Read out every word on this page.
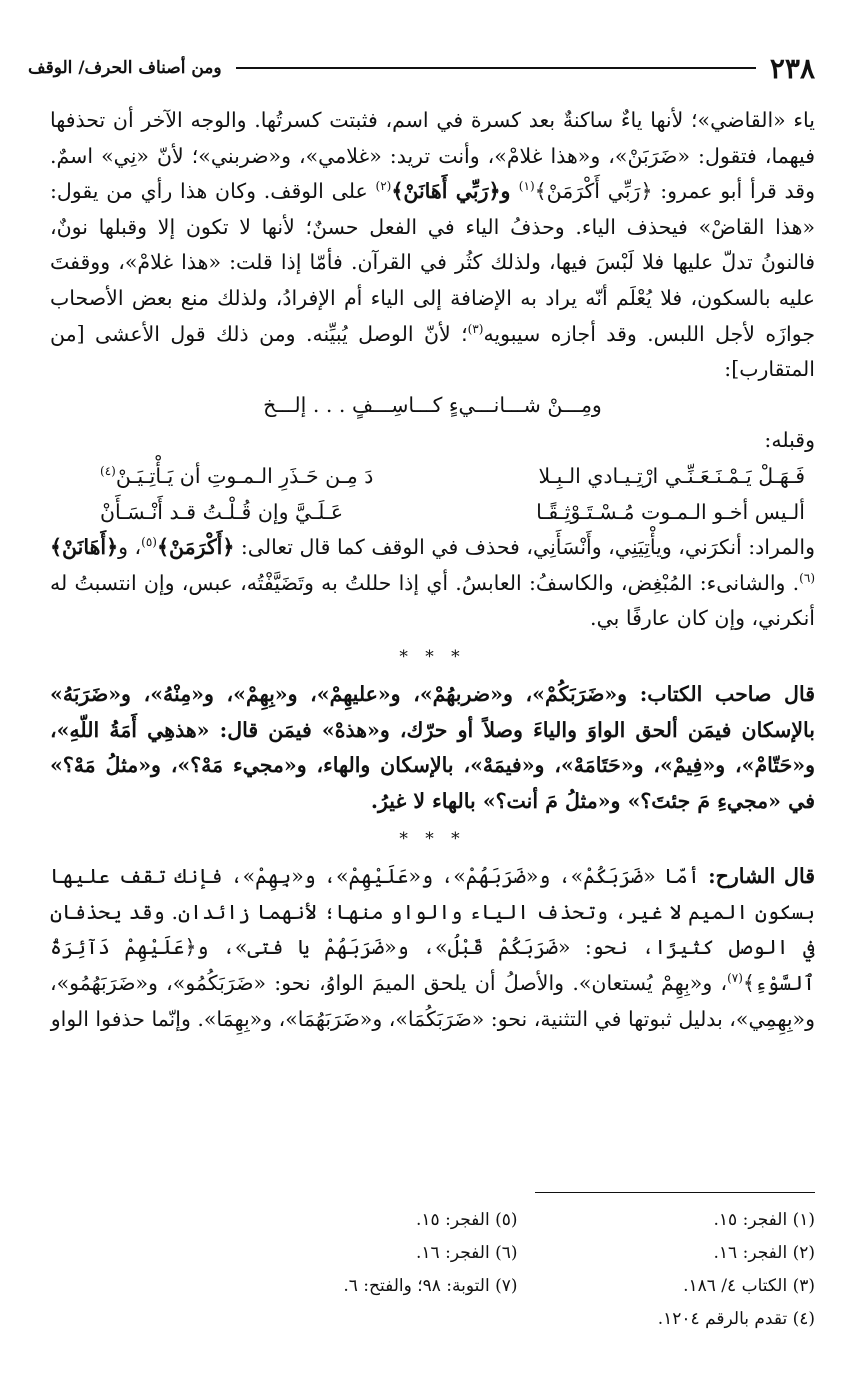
ومن أصناف الحرف/ الوقف	٢٣٨

ياء «القاضي»؛ لأنها ياءٌ ساكنةٌ بعد كسرة في اسم، فثبتت كسرتُها. والوجه الآخر أن تحذفها فيهما، فتقول: «ضَرَبَنْ»، و«هذا غلامْ»، وأنت تريد: «غلامي»، و«ضربني»؛ لأنّ «نِي» اسمٌ. وقد قرأ أبو عمرو: ﴿رَبِّي أَكْرَمَنْ﴾$^{(١)}$ و﴿رَبِّي أَهَانَنْ﴾$^{(٢)}$ على الوقف. وكان هذا رأي من يقول: «هذا القاضْ» فيحذف الياء. وحذفُ الياء في الفعل حسنٌ؛ لأنها لا تكون إلا وقبلها نونٌ، فالنونُ تدلّ عليها فلا لَبْسَ فيها، ولذلك كثُر في القرآن. فأمّا إذا قلت: «هذا غلامْ»، ووقفتَ عليه بالسكون، فلا يُعْلَم أنّه يراد به الإضافة إلى الياء أم الإفرادُ، ولذلك منع بعض الأصحاب جوازَه لأجل اللبس. وقد أجازه سيبويه$^{(٣)}$؛ لأنّ الوصل يُبيِّنه. ومن ذلك قول الأعشى [من المتقارب]:

ومِـــنْ شـــانـــيءٍ كـــاسِـــفٍ . . . إلـــخ

وقبله:

فَـهَـلْ يَـمْـنَـعَـنِّـي ارْتِـيـادي الـبِـلا
دَ مِـن حَـذَرِ الـمـوتِ أن يَـأْتِـيَـنْ$^{(٤)}$
ألـيس أخـو الـمـوت مُـسْـتَـوْثِـقًـا
عَـلَـيَّ وإن قُـلْـتُ قـد أَنْـسَـأَنْ

والمراد: أنكرَني، ويأْتِيَنِي، وأَنْسَأَنِي، فحذف في الوقف كما قال تعالى: ﴿أَكْرَمَنْ﴾$^{(٥)}$، و﴿أَهَانَنْ﴾$^{(٦)}$. والشانىء: المُبْغِض، والكاسفُ: العابسُ. أي إذا حللتُ به وتَضَيَّفْتُه، عبس، وإن انتسبتُ له أنكرني، وإن كان عارفًا بي.

* * *

قال صاحب الكتاب: و«ضَرَبَكُمْ»، و«ضربهُمْ»، و«عليهِمْ»، و«بِهِمْ»، و«مِنْهُ»، و«ضَرَبَهُ» بالإسكان فيمَن ألحق الواوَ والياءَ وصلاً أو حرّك، و«هذهْ» فيمَن قال: «هذهِي أَمَةُ اللّهِ»، و«حَتّامْ»، و«فِيمْ»، و«حَتَامَهْ»، و«فيمَهْ»، بالإسكان والهاء، و«مجيء مَهْ؟»، و«مثلُ مَهْ؟» في «مجيءِ مَ جئتَ؟» و«مثلُ مَ أنت؟» بالهاء لا غيرُ.

* * *

قال الشارح: أمّا «ضَرَبَكُمْ»، و«ضَرَبَهُمْ»، و«عَلَيْهِمْ»، و«بِهِمْ»، فإنك تقف عليها بسكون الميم لا غير، وتحذف الياء والواو منها؛ لأنهما زائدان. وقد يحذفان في الوصل كثيرًا، نحو: «ضَرَبَكُمْ قَبْلُ»، و«ضَرَبَهُمْ يا فتى»، و﴿عَلَيْهِمْ دَآئِرَةُ ٱلسَّوْءِ﴾$^{(٧)}$، و«بِهِمْ يُستعان». والأصلُ أن يلحق الميمَ الواوُ، نحو: «ضَرَبَكُمُو»، و«ضَرَبَهُمُو»، و«بِهِمِي»، بدليل ثبوتها في التثنية، نحو: «ضَرَبَكُمَا»، و«ضَرَبَهُمَا»، و«بِهِمَا». وإنّما حذفوا الواو

(١) الفجر: ١٥.
(٢) الفجر: ١٦.
(٣) الكتاب ٤/ ١٨٦.
(٤) تقدم بالرقم ١٢٠٤.
(٥) الفجر: ١٥.
(٦) الفجر: ١٦.
(٧) التوبة: ٩٨؛ والفتح: ٦.
